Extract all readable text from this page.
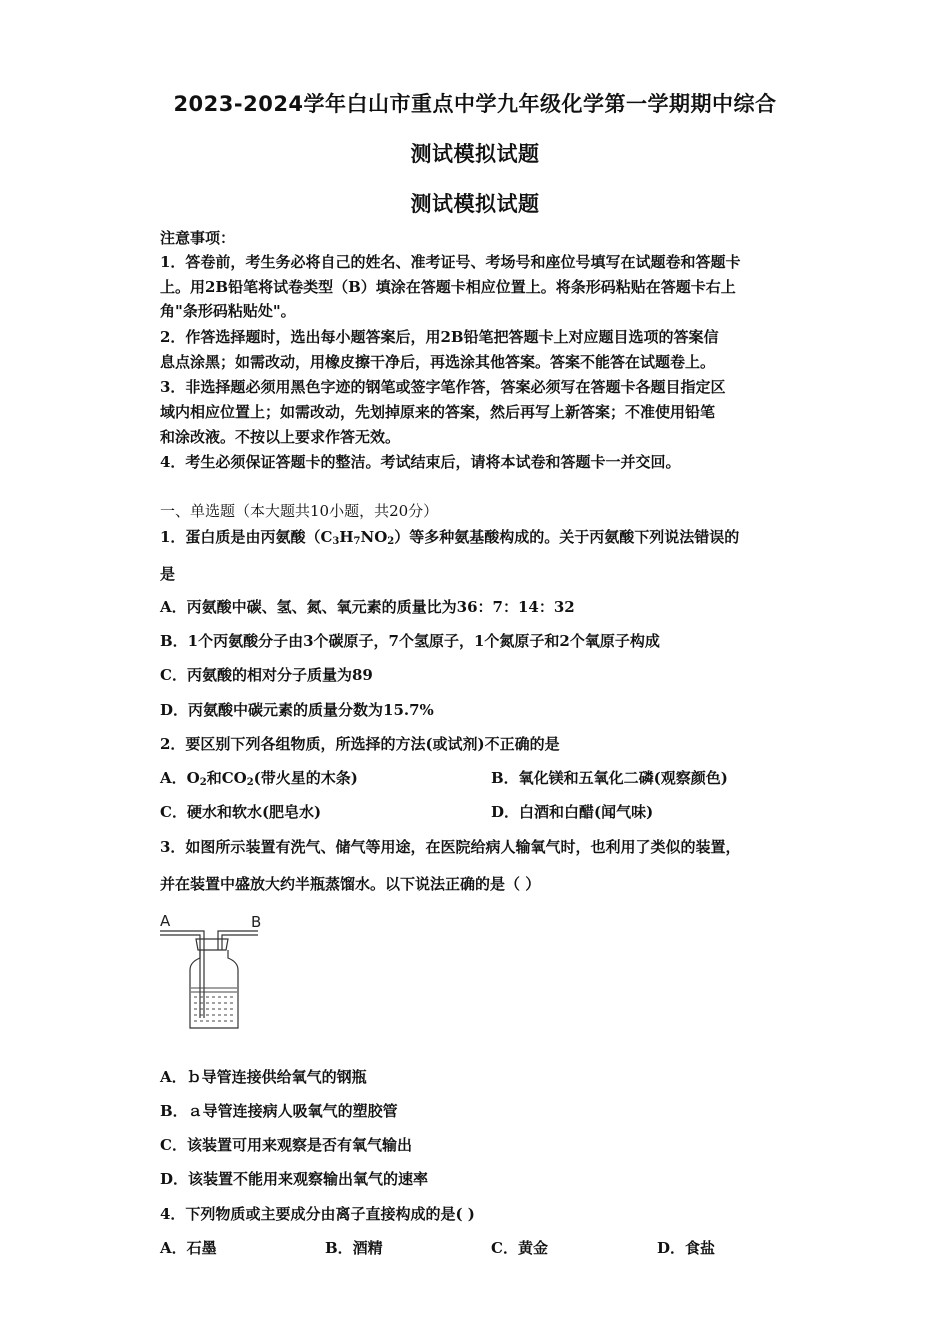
2023-2024学年白山市重点中学九年级化学第一学期期中综合
测试模拟试题
测试模拟试题
注意事项：
1．答卷前，考生务必将自己的姓名、准考证号、考场号和座位号填写在试题卷和答题卡
上。用2B铅笔将试卷类型（B）填涂在答题卡相应位置上。将条形码粘贴在答题卡右上
角"条形码粘贴处"。
2．作答选择题时，选出每小题答案后，用2B铅笔把答题卡上对应题目选项的答案信
息点涂黑；如需改动，用橡皮擦干净后，再选涂其他答案。答案不能答在试题卷上。
3．非选择题必须用黑色字迹的钢笔或签字笔作答，答案必须写在答题卡各题目指定区
域内相应位置上；如需改动，先划掉原来的答案，然后再写上新答案；不准使用铅笔
和涂改液。不按以上要求作答无效。
4．考生必须保证答题卡的整洁。考试结束后，请将本试卷和答题卡一并交回。
一、单选题（本大题共10小题，共20分）
1．蛋白质是由丙氨酸$(C_3H_7NO_2)$等多种氨基酸构成的。关于丙氨酸下列说法错误的
是
A．丙氨酸中碳、氢、氮、氧元素的质量比为36：7：14：32
B．1个丙氨酸分子由3个碳原子，7个氢原子，1个氮原子和2个氧原子构成
C．丙氨酸的相对分子质量为89
D．丙氨酸中碳元素的质量分数为15.7%
2．要区别下列各组物质，所选择的方法(或试剂)不正确的是
A．$O_2$和$CO_2$(带火星的木条)	B．氧化镁和五氧化二磷(观察颜色)
C．硬水和软水(肥皂水)	D．白酒和白醋(闻气味)
3．如图所示装置有洗气、储气等用途，在医院给病人输氧气时，也利用了类似的装置，
并在装置中盛放大约半瓶蒸馏水。以下说法正确的是（ ）
A	B
A．ｂ导管连接供给氧气的钢瓶
B．ａ导管连接病人吸氧气的塑胶管
C．该装置可用来观察是否有氧气输出
D．该装置不能用来观察输出氧气的速率
4．下列物质或主要成分由离子直接构成的是( )
A．石墨	B．酒精	C．黄金	D．食盐
